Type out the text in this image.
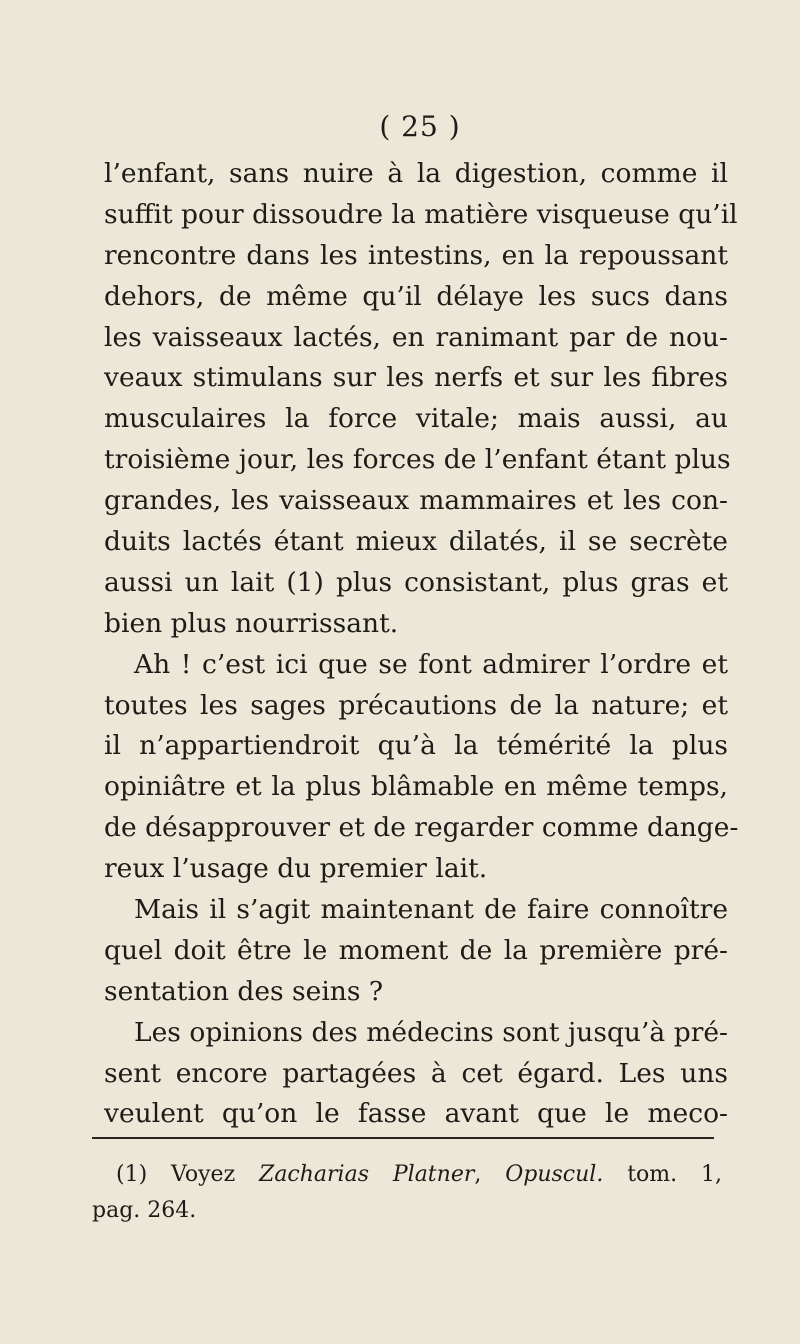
( 25 )
l’enfant, sans nuire à la digestion, comme il
suffit pour dissoudre la matière visqueuse qu’il
rencontre dans les intestins, en la repoussant
dehors, de même qu’il délaye les sucs dans
les vaisseaux lactés, en ranimant par de nou-
veaux stimulans sur les nerfs et sur les fibres
musculaires la force vitale; mais aussi, au
troisième jour, les forces de l’enfant étant plus
grandes, les vaisseaux mammaires et les con-
duits lactés étant mieux dilatés, il se secrète
aussi un lait (1) plus consistant, plus gras et
bien plus nourrissant.
Ah ! c’est ici que se font admirer l’ordre et
toutes les sages précautions de la nature; et
il n’appartiendroit qu’à la témérité la plus
opiniâtre et la plus blâmable en même temps,
de désapprouver et de regarder comme dange-
reux l’usage du premier lait.
Mais il s’agit maintenant de faire connoître
quel doit être le moment de la première pré-
sentation des seins ?
Les opinions des médecins sont jusqu’à pré-
sent encore partagées à cet égard. Les uns
veulent qu’on le fasse avant que le meco-
(1) Voyez Zacharias Platner, Opuscul. tom. 1,
pag. 264.
